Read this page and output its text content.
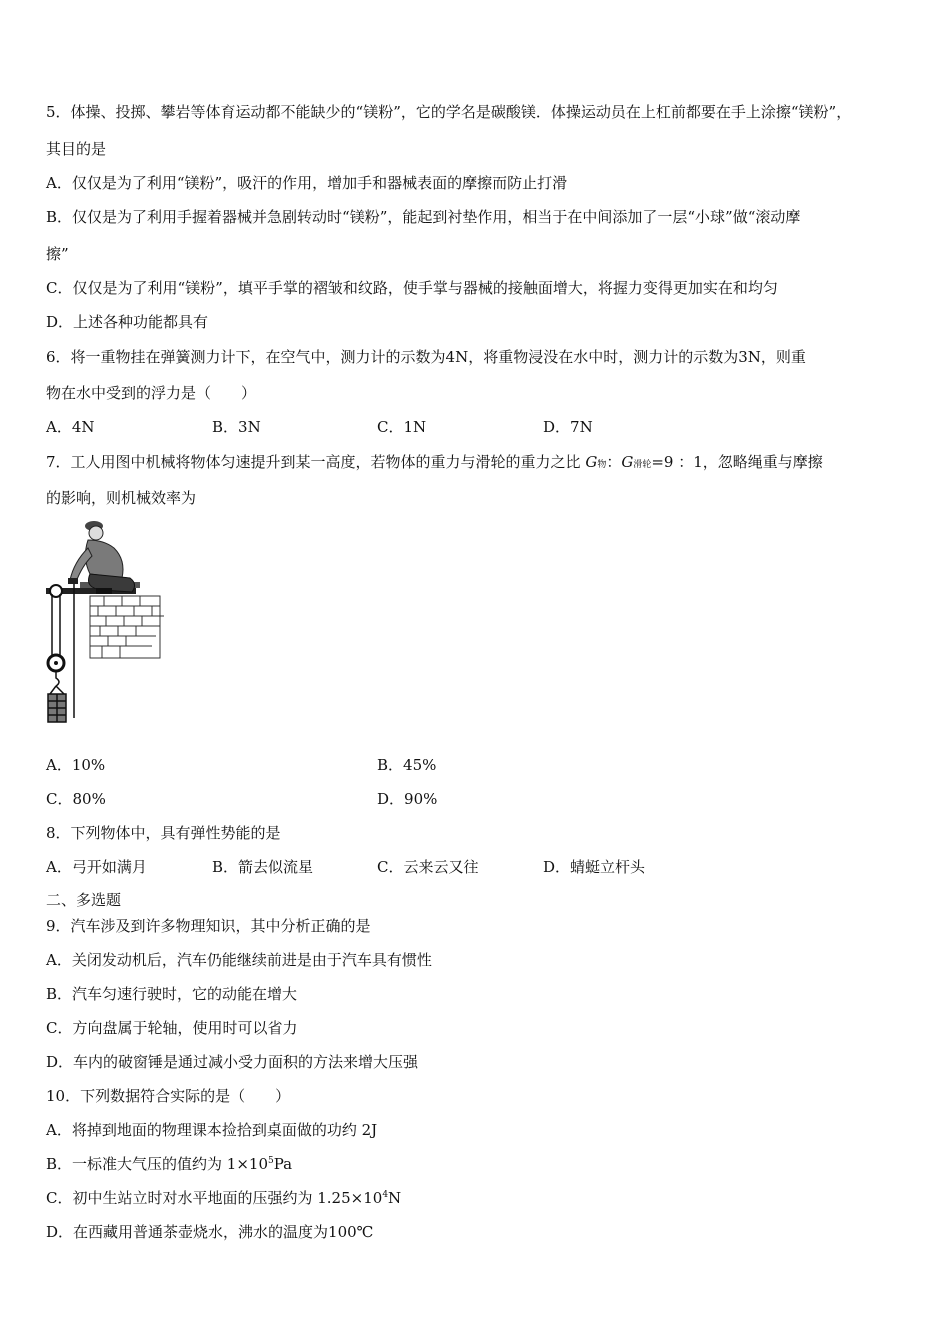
5．体操、投掷、攀岩等体育运动都不能缺少的“镁粉”，它的学名是碳酸镁．体操运动员在上杠前都要在手上涂擦“镁粉”，
其目的是
A．仅仅是为了利用“镁粉”，吸汗的作用，增加手和器械表面的摩擦而防止打滑
B．仅仅是为了利用手握着器械并急剧转动时“镁粉”，能起到衬垫作用，相当于在中间添加了一层“小球”做“滚动摩
擦”
C．仅仅是为了利用“镁粉”，填平手掌的褶皱和纹路，使手掌与器械的接触面增大，将握力变得更加实在和均匀
D．上述各种功能都具有
6．将一重物挂在弹簧测力计下，在空气中，测力计的示数为4N，将重物浸没在水中时，测力计的示数为3N，则重
物在水中受到的浮力是（　　）
A．4N	B．3N	C．1N	D．7N
7．工人用图中机械将物体匀速提升到某一高度，若物体的重力与滑轮的重力之比 G物：G滑轮=9 ：1，忽略绳重与摩擦
的影响，则机械效率为
A．10%	B．45%
C．80%	D．90%
8．下列物体中，具有弹性势能的是
A．弓开如满月	B．箭去似流星	C．云来云又往	D．蜻蜓立杆头
二、多选题
9．汽车涉及到许多物理知识，其中分析正确的是
A．关闭发动机后，汽车仍能继续前进是由于汽车具有惯性
B．汽车匀速行驶时，它的动能在增大
C．方向盘属于轮轴，使用时可以省力
D．车内的破窗锤是通过减小受力面积的方法来增大压强
10．下列数据符合实际的是（　　）
A．将掉到地面的物理课本捡拾到桌面做的功约 2J
B．一标准大气压的值约为 $1\times 10^5Pa$
C．初中生站立时对水平地面的压强约为 $1.25\times 10^4N$
D．在西藏用普通茶壶烧水，沸水的温度为100℃
